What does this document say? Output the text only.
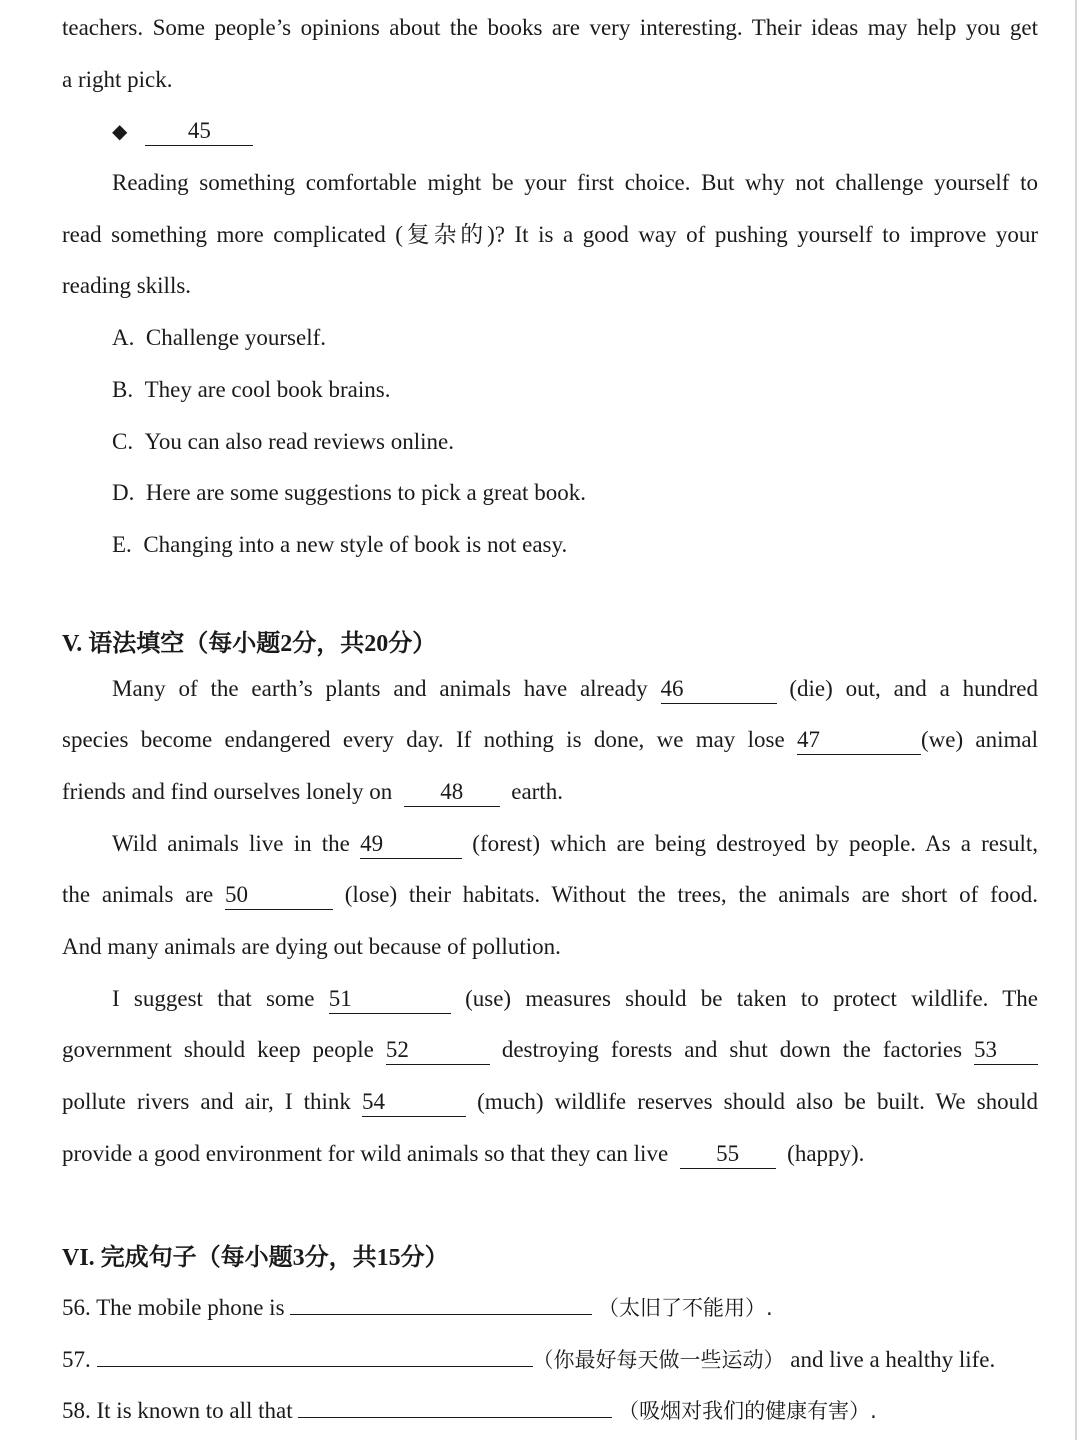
teachers. Some people’s opinions about the books are very interesting. Their ideas may help you get
a right pick.
◆	45
Reading something comfortable might be your first choice. But why not challenge yourself to
read something more complicated (复杂的)? It is a good way of pushing yourself to improve your
reading skills.
A. Challenge yourself.
B. They are cool book brains.
C. You can also read reviews online.
D. Here are some suggestions to pick a great book.
E. Changing into a new style of book is not easy.
V. 语法填空（每小题2分，共20分）
Many of the earth’s plants and animals have already 46	(die) out, and a hundred
species become endangered every day. If nothing is done, we may lose 47	(we) animal
friends and find ourselves lonely on 48 earth.
Wild animals live in the 49	(forest) which are being destroyed by people. As a result,
the animals are 50	(lose) their habitats. Without the trees, the animals are short of food.
And many animals are dying out because of pollution.
I suggest that some 51	(use) measures should be taken to protect wildlife. The
government should keep people 52	destroying forests and shut down the factories 53
pollute rivers and air, I think 54	(much) wildlife reserves should also be built. We should
provide a good environment for wild animals so that they can live 55 (happy).
VI. 完成句子（每小题3分，共15分）
56. The mobile phone is	（太旧了不能用）.
57.	（你最好每天做一些运动） and live a healthy life.
58. It is known to all that	（吸烟对我们的健康有害）.
